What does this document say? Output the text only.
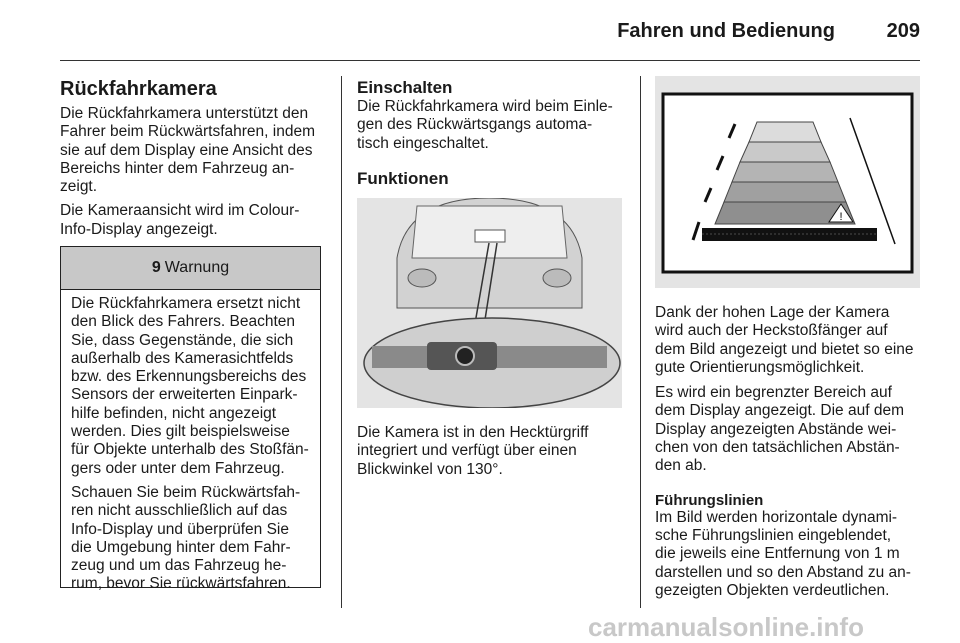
Fahren und Bedienung	209
Rückfahrkamera
Die Rückfahrkamera unterstützt den
Fahrer beim Rückwärtsfahren, indem
sie auf dem Display eine Ansicht des
Bereichs hinter dem Fahrzeug an-
zeigt.
Die Kameraansicht wird im Colour-
Info-Display angezeigt.
9 Warnung
Die Rückfahrkamera ersetzt nicht
den Blick des Fahrers. Beachten
Sie, dass Gegenstände, die sich
außerhalb des Kamerasichtfelds
bzw. des Erkennungsbereichs des
Sensors der erweiterten Einpark-
hilfe befinden, nicht angezeigt
werden. Dies gilt beispielsweise
für Objekte unterhalb des Stoßfän-
gers oder unter dem Fahrzeug.
Schauen Sie beim Rückwärtsfah-
ren nicht ausschließlich auf das
Info-Display und überprüfen Sie
die Umgebung hinter dem Fahr-
zeug und um das Fahrzeug he-
rum, bevor Sie rückwärtsfahren.
Einschalten
Die Rückfahrkamera wird beim Einle-
gen des Rückwärtsgangs automa-
tisch eingeschaltet.
Funktionen
Die Kamera ist in den Hecktürgriff
integriert und verfügt über einen
Blickwinkel von 130°.
!
Dank der hohen Lage der Kamera
wird auch der Heckstoßfänger auf
dem Bild angezeigt und bietet so eine
gute Orientierungsmöglichkeit.
Es wird ein begrenzter Bereich auf
dem Display angezeigt. Die auf dem
Display angezeigten Abstände wei-
chen von den tatsächlichen Abstän-
den ab.
Führungslinien
Im Bild werden horizontale dynami-
sche Führungslinien eingeblendet,
die jeweils eine Entfernung von 1 m
darstellen und so den Abstand zu an-
gezeigten Objekten verdeutlichen.
carmanualsonline.info
